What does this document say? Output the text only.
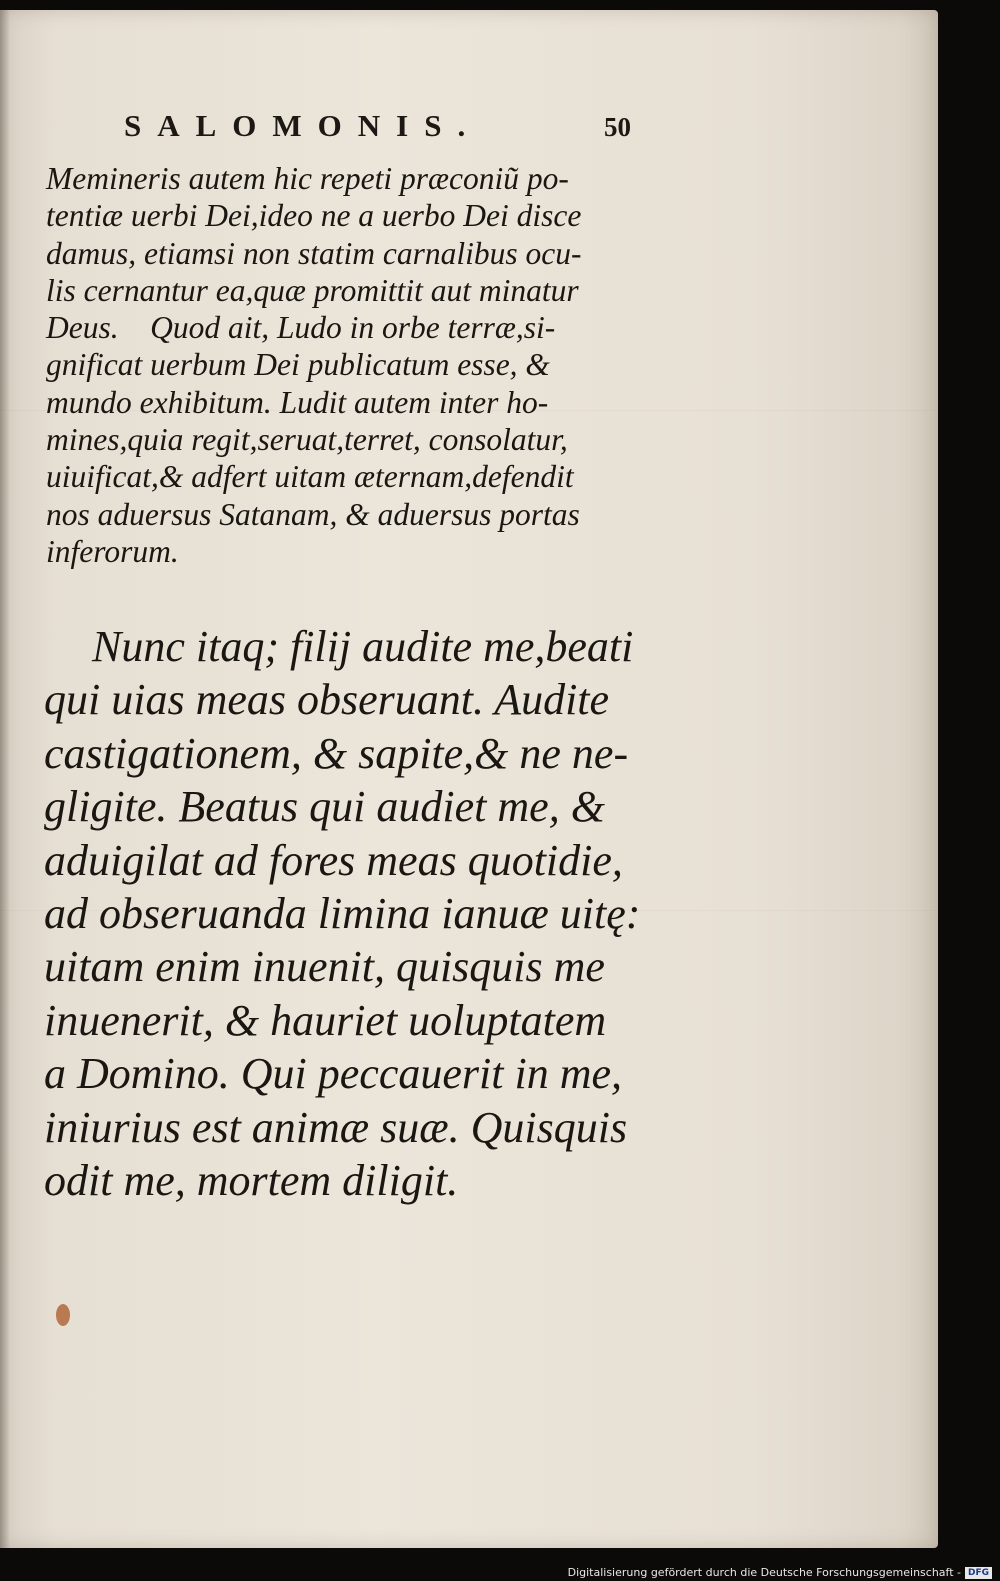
SALOMONIS.	50
Memineris autem hic repeti præconiũ po-
tentiæ uerbi Dei,ideo ne a uerbo Dei disce
damus, etiamsi non statim carnalibus ocu-
lis cernantur ea,quæ promittit aut minatur
Deus.    Quod ait, Ludo in orbe terræ,si-
gnificat uerbum Dei publicatum esse, &
mundo exhibitum. Ludit autem inter ho-
mines,quia regit,seruat,terret, consolatur,
uiuificat,& adfert uitam æternam,defendit
nos aduersus Satanam, & aduersus portas
inferorum.
Nunc itaq; filij audite me,beati
qui uias meas obseruant. Audite
castigationem, & sapite,& ne ne-
gligite. Beatus qui audiet me, &
aduigilat ad fores meas quotidie,
ad obseruanda limina ianuæ uitę:
uitam enim inuenit, quisquis me
inuenerit, & hauriet uoluptatem
a Domino. Qui peccauerit in me,
iniurius est animæ suæ. Quisquis
odit me, mortem diligit.
Digitalisierung gefördert durch die Deutsche Forschungsgemeinschaft - DFG
